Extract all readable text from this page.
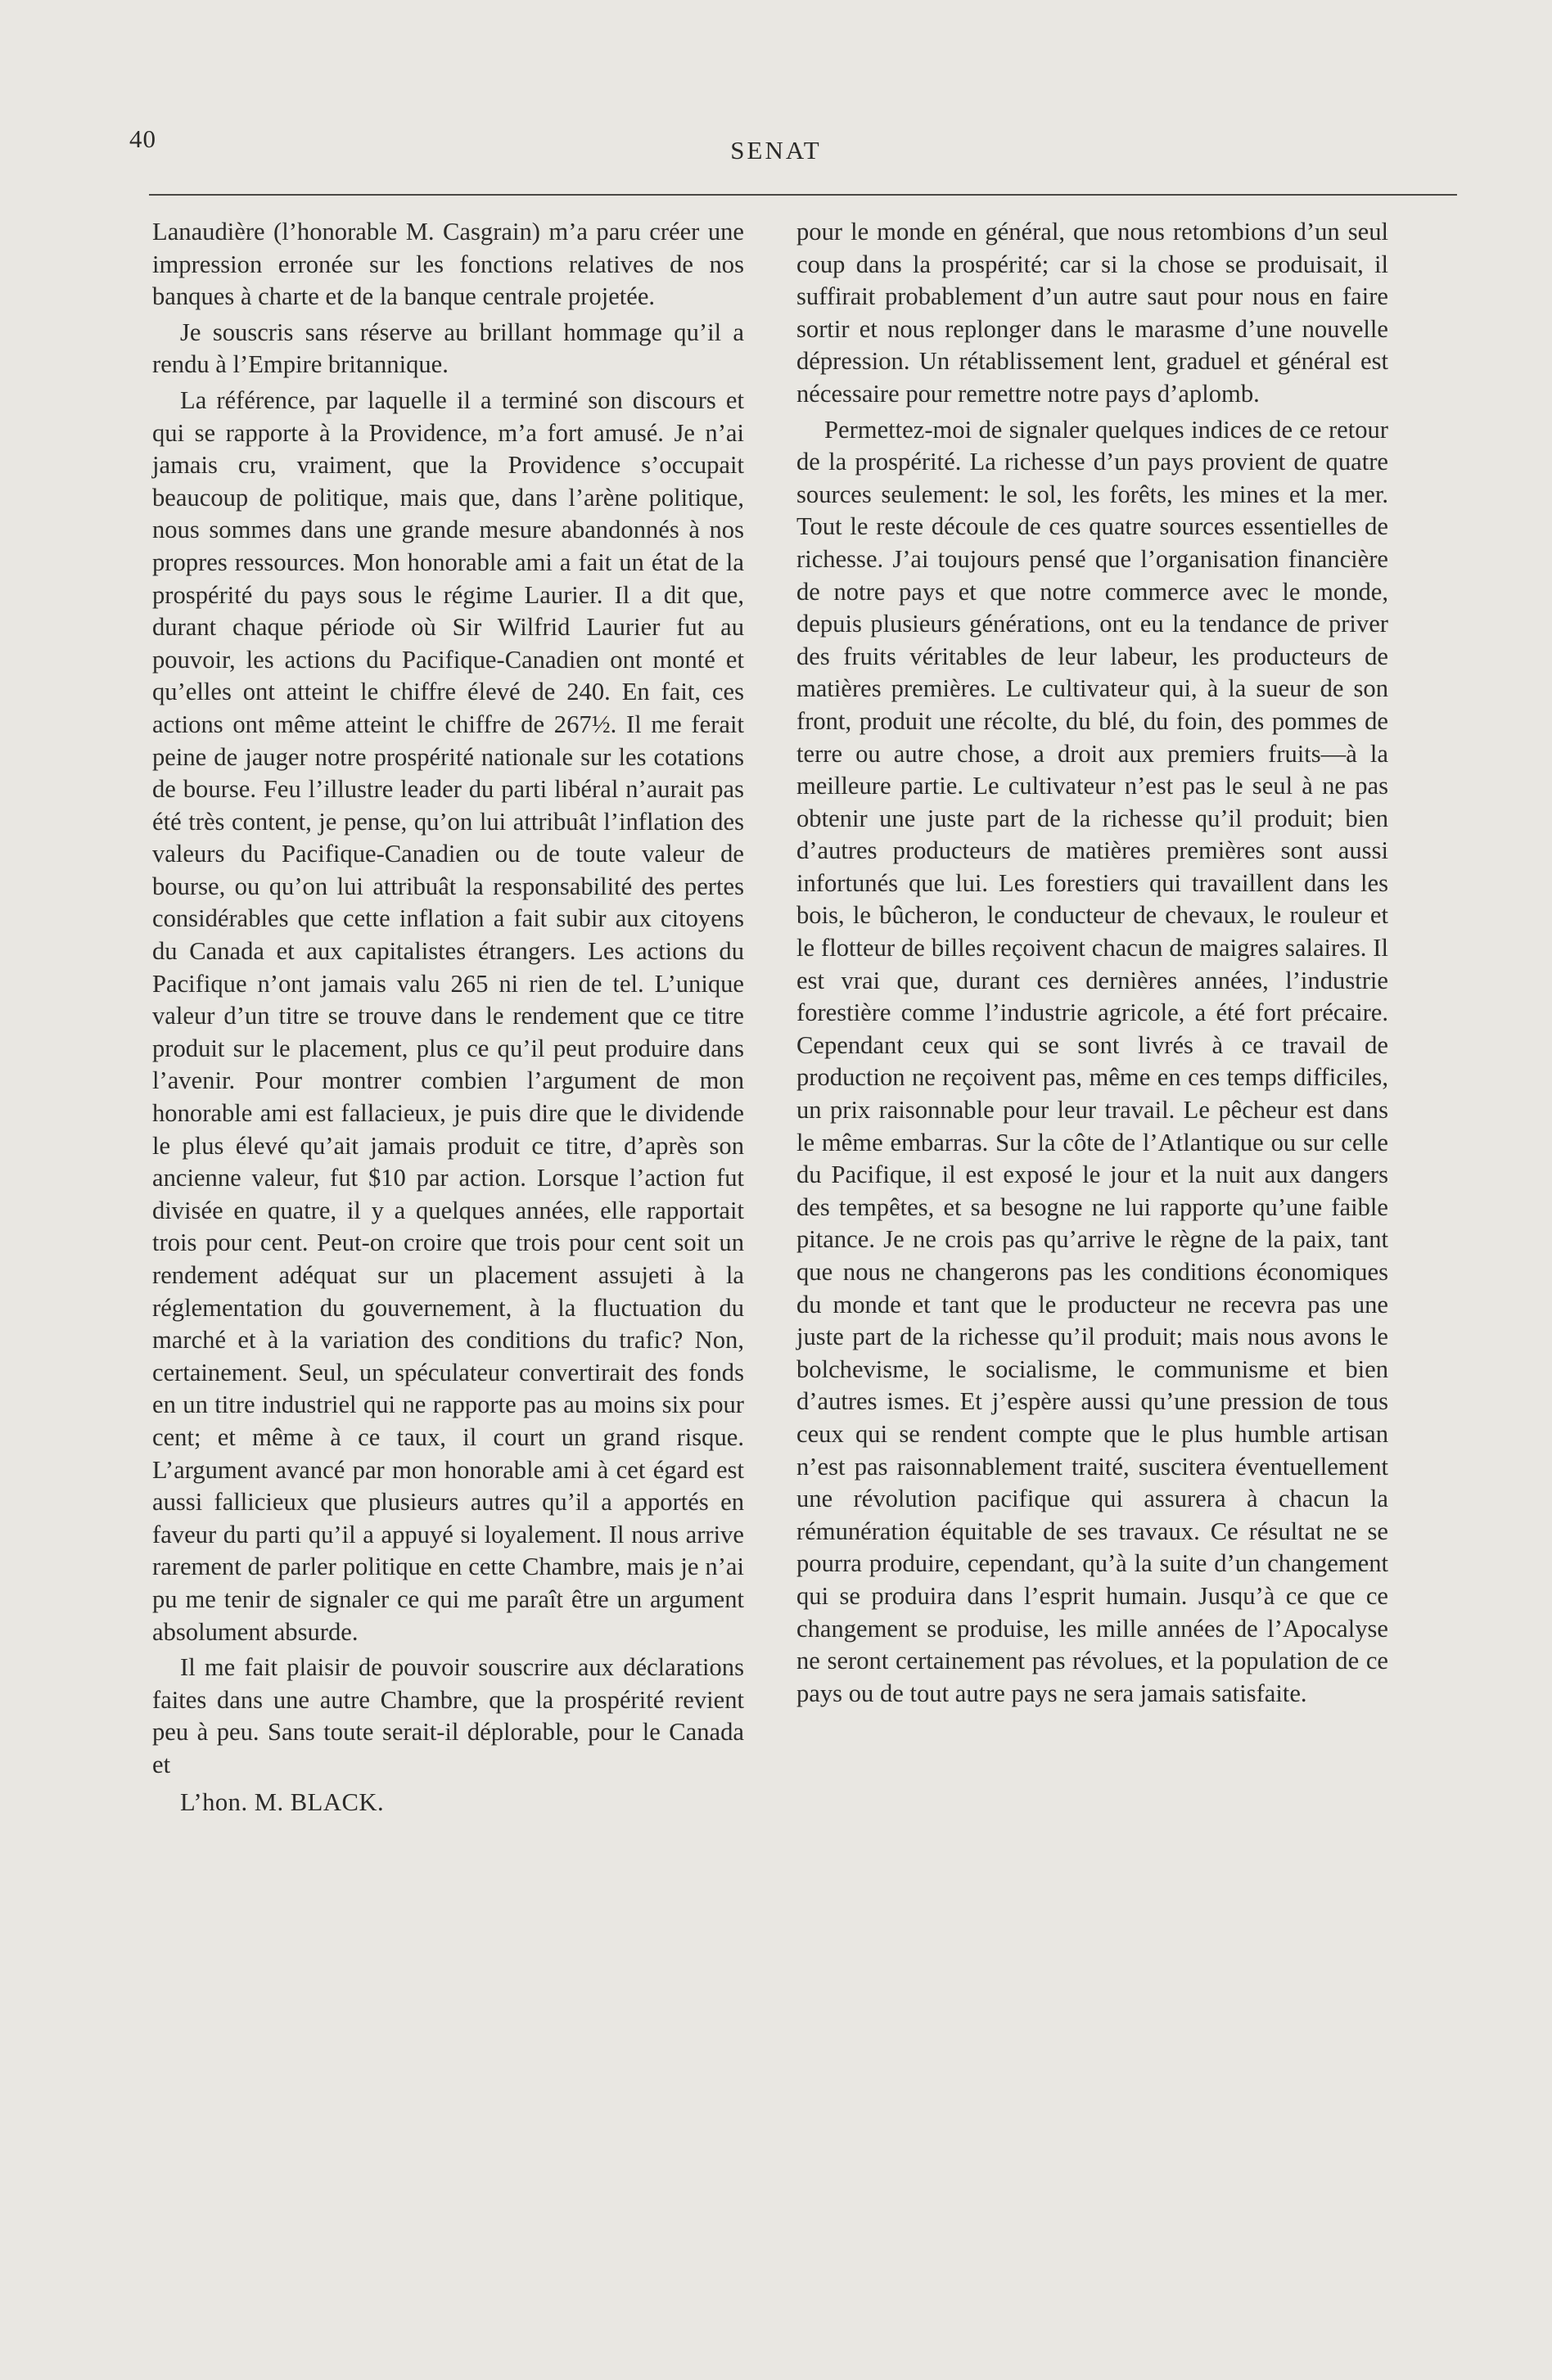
40	SENAT

Lanaudière (l’honorable M. Casgrain) m’a paru créer une impression erronée sur les fonctions relatives de nos banques à charte et de la banque centrale projetée.

Je souscris sans réserve au brillant hommage qu’il a rendu à l’Empire britannique.

La référence, par laquelle il a terminé son discours et qui se rapporte à la Providence, m’a fort amusé. Je n’ai jamais cru, vraiment, que la Providence s’occupait beaucoup de politique, mais que, dans l’arène politique, nous sommes dans une grande mesure abandonnés à nos propres ressources. Mon honorable ami a fait un état de la prospérité du pays sous le régime Laurier. Il a dit que, durant chaque période où Sir Wilfrid Laurier fut au pouvoir, les actions du Pacifique-Canadien ont monté et qu’elles ont atteint le chiffre élevé de 240. En fait, ces actions ont même atteint le chiffre de 267½. Il me ferait peine de jauger notre prospérité nationale sur les cotations de bourse. Feu l’illustre leader du parti libéral n’aurait pas été très content, je pense, qu’on lui attribuât l’inflation des valeurs du Pacifique-Canadien ou de toute valeur de bourse, ou qu’on lui attribuât la responsabilité des pertes considérables que cette inflation a fait subir aux citoyens du Canada et aux capitalistes étrangers. Les actions du Pacifique n’ont jamais valu 265 ni rien de tel. L’unique valeur d’un titre se trouve dans le rendement que ce titre produit sur le placement, plus ce qu’il peut produire dans l’avenir. Pour montrer combien l’argument de mon honorable ami est fallacieux, je puis dire que le dividende le plus élevé qu’ait jamais produit ce titre, d’après son ancienne valeur, fut $10 par action. Lorsque l’action fut divisée en quatre, il y a quelques années, elle rapportait trois pour cent. Peut-on croire que trois pour cent soit un rendement adéquat sur un placement assujeti à la réglementation du gouvernement, à la fluctuation du marché et à la variation des conditions du trafic? Non, certainement. Seul, un spéculateur convertirait des fonds en un titre industriel qui ne rapporte pas au moins six pour cent; et même à ce taux, il court un grand risque. L’argument avancé par mon honorable ami à cet égard est aussi fallicieux que plusieurs autres qu’il a apportés en faveur du parti qu’il a appuyé si loyalement. Il nous arrive rarement de parler politique en cette Chambre, mais je n’ai pu me tenir de signaler ce qui me paraît être un argument absolument absurde.

Il me fait plaisir de pouvoir souscrire aux déclarations faites dans une autre Chambre, que la prospérité revient peu à peu. Sans toute serait-il déplorable, pour le Canada et

L’hon. M. BLACK.

pour le monde en général, que nous retombions d’un seul coup dans la prospérité; car si la chose se produisait, il suffirait probablement d’un autre saut pour nous en faire sortir et nous replonger dans le marasme d’une nouvelle dépression. Un rétablissement lent, graduel et général est nécessaire pour remettre notre pays d’aplomb.

Permettez-moi de signaler quelques indices de ce retour de la prospérité. La richesse d’un pays provient de quatre sources seulement: le sol, les forêts, les mines et la mer. Tout le reste découle de ces quatre sources essentielles de richesse. J’ai toujours pensé que l’organisation financière de notre pays et que notre commerce avec le monde, depuis plusieurs générations, ont eu la tendance de priver des fruits véritables de leur labeur, les producteurs de matières premières. Le cultivateur qui, à la sueur de son front, produit une récolte, du blé, du foin, des pommes de terre ou autre chose, a droit aux premiers fruits—à la meilleure partie. Le cultivateur n’est pas le seul à ne pas obtenir une juste part de la richesse qu’il produit; bien d’autres producteurs de matières premières sont aussi infortunés que lui. Les forestiers qui travaillent dans les bois, le bûcheron, le conducteur de chevaux, le rouleur et le flotteur de billes reçoivent chacun de maigres salaires. Il est vrai que, durant ces dernières années, l’industrie forestière comme l’industrie agricole, a été fort précaire. Cependant ceux qui se sont livrés à ce travail de production ne reçoivent pas, même en ces temps difficiles, un prix raisonnable pour leur travail. Le pêcheur est dans le même embarras. Sur la côte de l’Atlantique ou sur celle du Pacifique, il est exposé le jour et la nuit aux dangers des tempêtes, et sa besogne ne lui rapporte qu’une faible pitance. Je ne crois pas qu’arrive le règne de la paix, tant que nous ne changerons pas les conditions économiques du monde et tant que le producteur ne recevra pas une juste part de la richesse qu’il produit; mais nous avons le bolchevisme, le socialisme, le communisme et bien d’autres ismes. Et j’espère aussi qu’une pression de tous ceux qui se rendent compte que le plus humble artisan n’est pas raisonnablement traité, suscitera éventuellement une révolution pacifique qui assurera à chacun la rémunération équitable de ses travaux. Ce résultat ne se pourra produire, cependant, qu’à la suite d’un changement qui se produira dans l’esprit humain. Jusqu’à ce que ce changement se produise, les mille années de l’Apocalyse ne seront certainement pas révolues, et la population de ce pays ou de tout autre pays ne sera jamais satisfaite.
